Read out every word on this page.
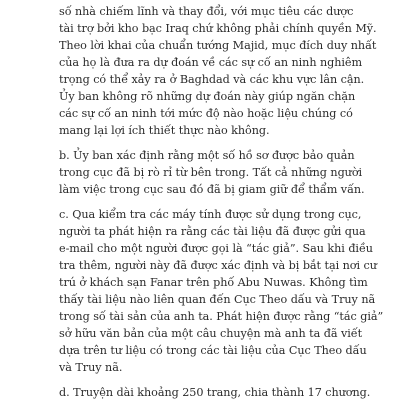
số nhà chiếm lĩnh và thay đổi, với mục tiêu các dược
tài trợ bởi kho bạc Iraq chứ không phải chính quyền Mỹ.
Theo lời khai của chuẩn tướng Majid, mục đích duy nhất
của họ là đưa ra dự đoán về các sự cố an ninh nghiêm
trọng có thể xảy ra ở Baghdad và các khu vực lân cận.
Ủy ban không rõ những dự đoán này giúp ngăn chặn
các sự cố an ninh tới mức độ nào hoặc liệu chúng có
mang lại lợi ích thiết thực nào không.
b. Ủy ban xác định rằng một số hồ sơ được bảo quản
trong cục đã bị rò rỉ từ bên trong. Tất cả những người
làm việc trong cục sau đó đã bị giam giữ để thẩm vấn.
c. Qua kiểm tra các máy tính được sử dụng trong cục,
người ta phát hiện ra rằng các tài liệu đã được gửi qua
e-mail cho một người được gọi là “tác giả”. Sau khi điều
tra thêm, người này đã được xác định và bị bắt tại nơi cư
trú ở khách sạn Fanar trên phố Abu Nuwas. Không tìm
thấy tài liệu nào liên quan đến Cục Theo dấu và Truy nã
trong số tài sản của anh ta. Phát hiện được rằng “tác giả”
sở hữu văn bản của một câu chuyện mà anh ta đã viết
dựa trên tư liệu có trong các tài liệu của Cục Theo dấu
và Truy nã.
d. Truyện dài khoảng 250 trang, chia thành 17 chương.
